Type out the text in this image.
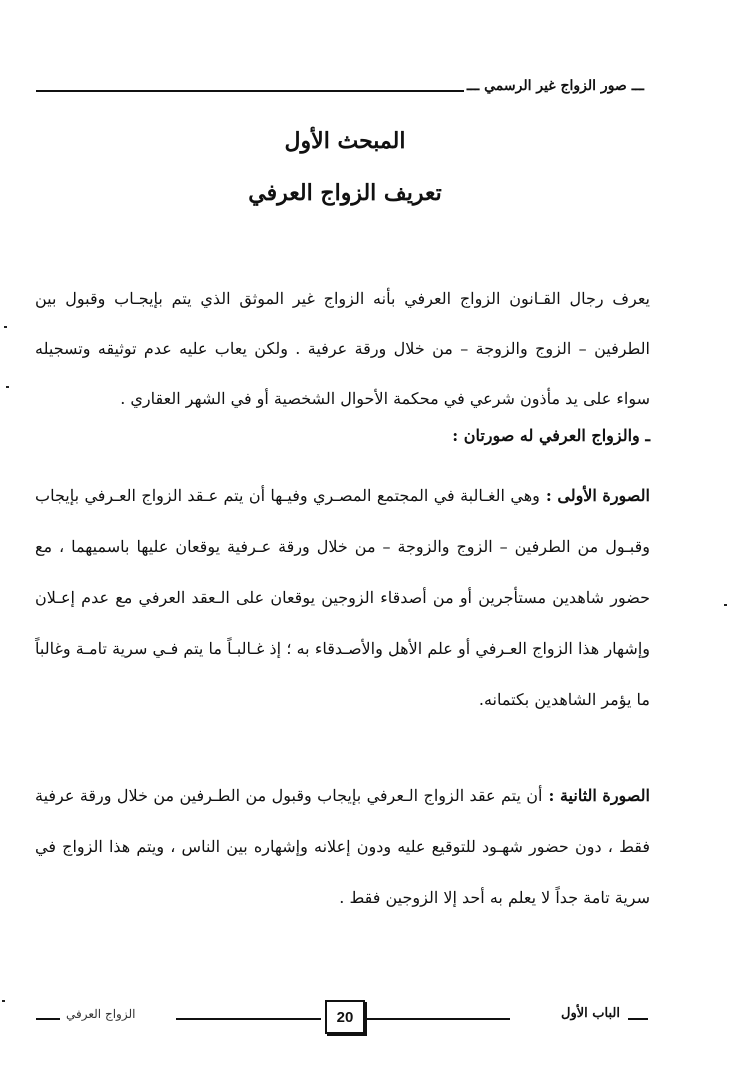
ـــ صور الزواج غير الرسمي ـــ
المبحث الأول
تعريف الزواج العرفي
يعرف رجال القـانون الزواج العرفي بأنه الزواج غير الموثق الذي يتم بإيجـاب وقبول بين الطرفين – الزوج والزوجة – من خلال ورقة عرفية . ولكن يعاب عليه عدم توثيقه وتسجيله سواء على يد مأذون شرعي في محكمة الأحوال الشخصية أو في الشهر العقاري .
ـ والزواج العرفي له صورتان :
الصورة الأولى :
وهي الغـالبة في المجتمع المصـري وفيـها أن يتم عـقد الزواج العـرفي بإيجاب وقبـول من الطرفين – الزوج والزوجة – من خلال ورقة عـرفية يوقعان عليها باسميهما ، مع حضور شاهدين مستأجرين أو من أصدقاء الزوجين يوقعان على الـعقد العرفي مع عدم إعـلان وإشهار هذا الزواج العـرفي أو علم الأهل والأصـدقاء به ؛ إذ غـالبـاً ما يتم فـي سرية تامـة وغالباً ما يؤمر الشاهدين بكتمانه.
الصورة الثانية :
أن يتم عقد الزواج الـعرفي بإيجاب وقبول من الطـرفين من خلال ورقة عرفية فقط ، دون حضور شهـود للتوقيع عليه ودون إعلانه وإشهاره بين الناس ، ويتم هذا الزواج في سرية تامة جداً لا يعلم به أحد إلا الزوجين فقط .
الباب الأول
20
الزواج العرفي
